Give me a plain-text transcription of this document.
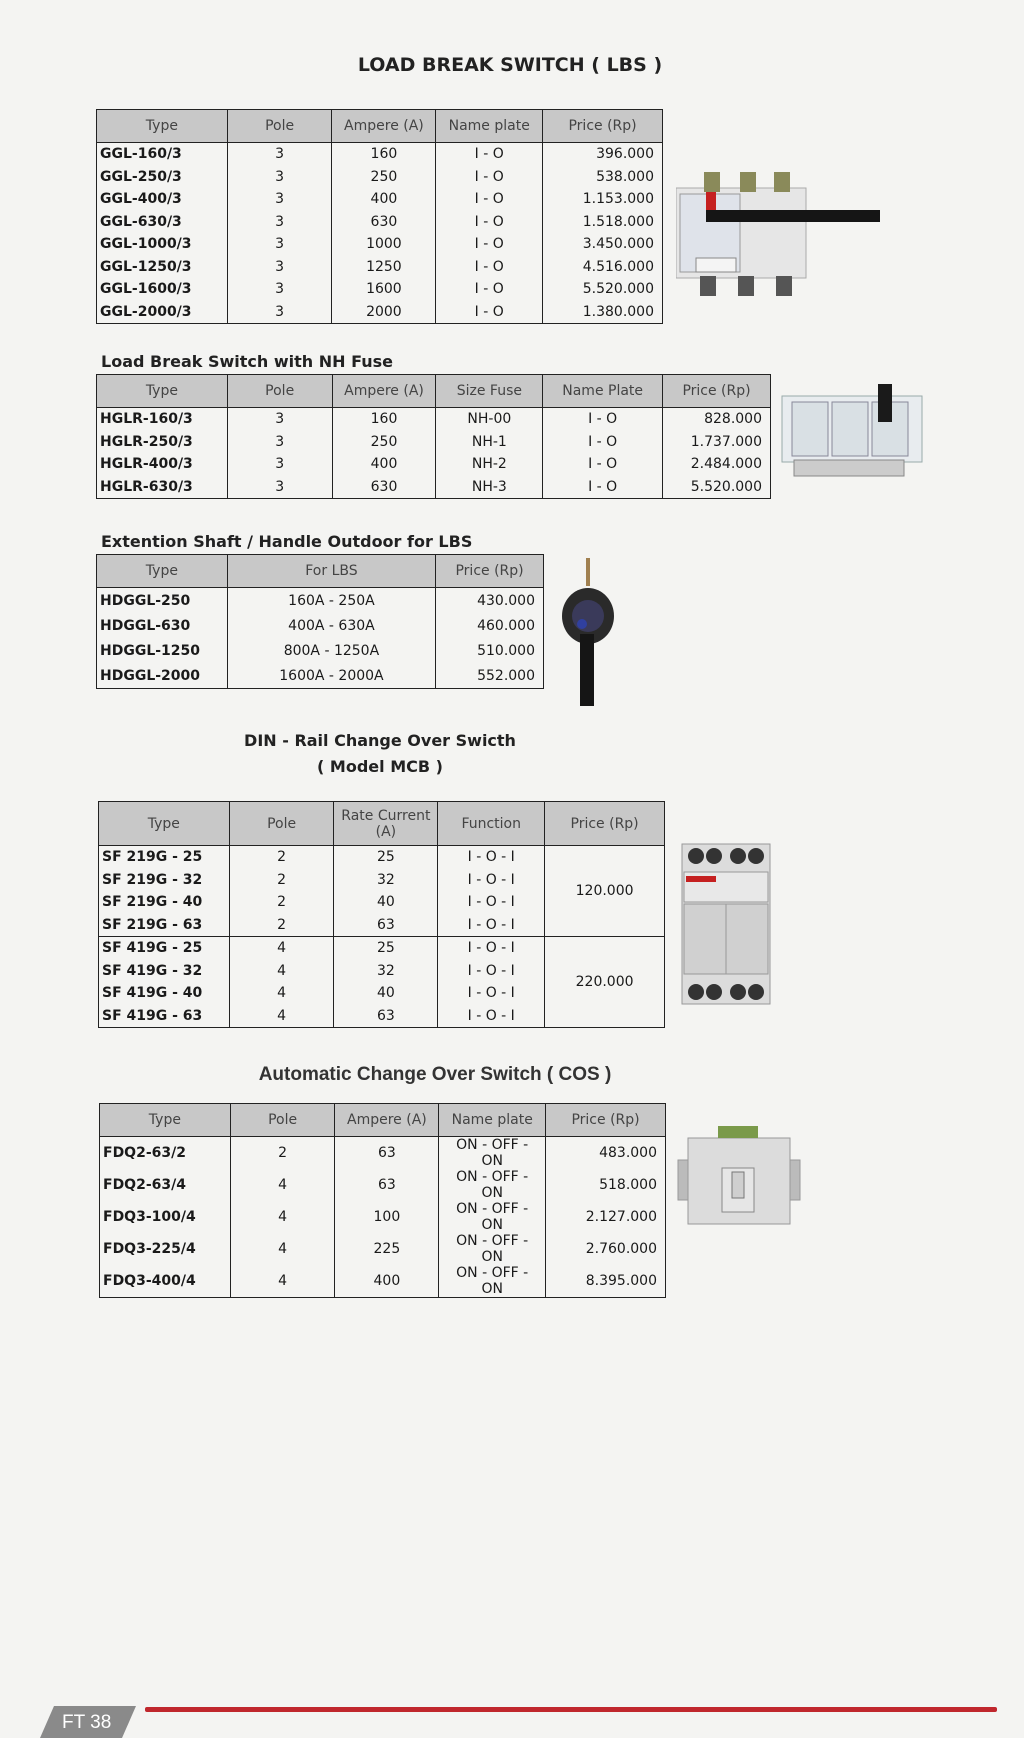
LOAD BREAK SWITCH ( LBS )
Type	Pole	Ampere (A)	Name plate	Price (Rp)
GGL-160/3	3	160	I - O	396.000
GGL-250/3	3	250	I - O	538.000
GGL-400/3	3	400	I - O	1.153.000
GGL-630/3	3	630	I - O	1.518.000
GGL-1000/3	3	1000	I - O	3.450.000
GGL-1250/3	3	1250	I - O	4.516.000
GGL-1600/3	3	1600	I - O	5.520.000
GGL-2000/3	3	2000	I - O	1.380.000
Load Break Switch with NH Fuse
Type	Pole	Ampere (A)	Size Fuse	Name Plate	Price (Rp)
HGLR-160/3	3	160	NH-00	I - O	828.000
HGLR-250/3	3	250	NH-1	I - O	1.737.000
HGLR-400/3	3	400	NH-2	I - O	2.484.000
HGLR-630/3	3	630	NH-3	I - O	5.520.000
Extention Shaft / Handle Outdoor for LBS
Type	For LBS	Price (Rp)
HDGGL-250	160A - 250A	430.000
HDGGL-630	400A - 630A	460.000
HDGGL-1250	800A - 1250A	510.000
HDGGL-2000	1600A - 2000A	552.000
DIN - Rail Change Over Swicth
( Model MCB )
Type	Pole	Rate Current (A)	Function	Price (Rp)
SF 219G - 25	2	25	I - O - I	120.000
SF 219G - 32	2	32	I - O - I	
SF 219G - 40	2	40	I - O - I	
SF 219G - 63	2	63	I - O - I	
SF 419G - 25	4	25	I - O - I	220.000
SF 419G - 32	4	32	I - O - I	
SF 419G - 40	4	40	I - O - I	
SF 419G - 63	4	63	I - O - I	
Automatic Change Over Switch ( COS )
Type	Pole	Ampere (A)	Name plate	Price (Rp)
FDQ2-63/2	2	63	ON - OFF - ON	483.000
FDQ2-63/4	4	63	ON - OFF - ON	518.000
FDQ3-100/4	4	100	ON - OFF - ON	2.127.000
FDQ3-225/4	4	225	ON - OFF - ON	2.760.000
FDQ3-400/4	4	400	ON - OFF - ON	8.395.000
FT 38
